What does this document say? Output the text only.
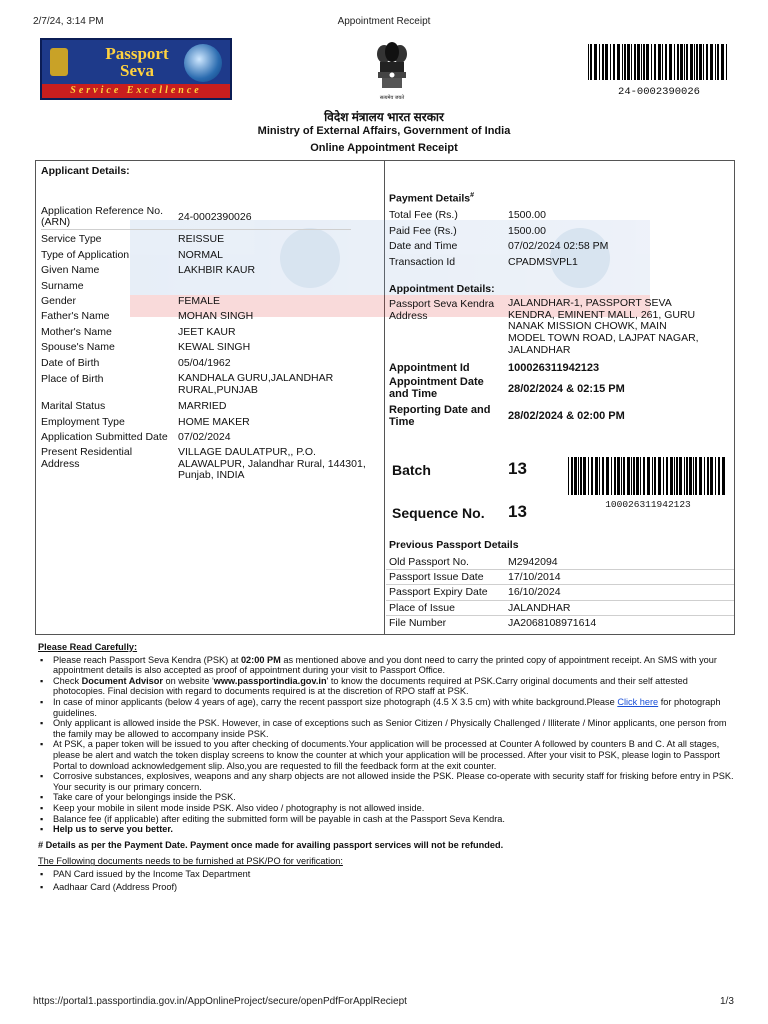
2/7/24, 3:14 PM	Appointment Receipt
Passport
Seva
Service Excellence
सत्यमेव जयते	24-0002390026
विदेश मंत्रालय भारत सरकार
Ministry of External Affairs, Government of India
Online Appointment Receipt
Applicant Details:
Application Reference No. (ARN)	24-0002390026
Service Type	REISSUE
Type of Application	NORMAL
Given Name	LAKHBIR KAUR
Surname
Gender	FEMALE
Father's Name	MOHAN SINGH
Mother's Name	JEET KAUR
Spouse's Name	KEWAL SINGH
Date of Birth	05/04/1962
Place of Birth	KANDHALA GURU,JALANDHAR RURAL,PUNJAB
Marital Status	MARRIED
Employment Type	HOME MAKER
Application Submitted Date 07/02/2024
Present Residential Address
VILLAGE DAULATPUR,, P.O. ALAWALPUR, Jalandhar Rural, 144301, Punjab, INDIA
Payment Details#
Total Fee (Rs.)	1500.00
Paid Fee (Rs.)	1500.00
Date and Time	07/02/2024 02:58 PM
Transaction Id	CPADMSVPL1
Appointment Details:
Passport Seva Kendra Address
JALANDHAR-1, PASSPORT SEVA KENDRA, EMINENT MALL, 261, GURU NANAK MISSION CHOWK, MAIN MODEL TOWN ROAD, LAJPAT NAGAR, JALANDHAR
Appointment Id	100026311942123
Appointment Date and Time	28/02/2024 & 02:15 PM
Reporting Date and Time	28/02/2024 & 02:00 PM
Batch	13
Sequence No. 13	100026311942123
Previous Passport Details
Old Passport No.	M2942094
Passport Issue Date 17/10/2014
Passport Expiry Date 16/10/2024
Place of Issue	JALANDHAR
File Number	JA2068108971614
Please Read Carefully:
▪ Please reach Passport Seva Kendra (PSK) at 02:00 PM as mentioned above and you dont need to carry the printed copy of appointment receipt. An SMS with your appointment details is also accepted as proof of appointment during your visit to Passport Office.
▪ Check Document Advisor on website 'www.passportindia.gov.in' to know the documents required at PSK.Carry original documents and their self attested photocopies. Final decision with regard to documents required is at the discretion of RPO staff at PSK.
▪ In case of minor applicants (below 4 years of age), carry the recent passport size photograph (4.5 X 3.5 cm) with white background.Please Click here for photograph guidelines.
▪ Only applicant is allowed inside the PSK. However, in case of exceptions such as Senior Citizen / Physically Challenged / Illiterate / Minor applicants, one person from the family may be allowed to accompany inside PSK.
▪ At PSK, a paper token will be issued to you after checking of documents.Your application will be processed at Counter A followed by counters B and C. At all stages, please be alert and watch the token display screens to know the counter at which your application will be processed. After your visit to PSK, please login to Passport Portal to download acknowledgement slip. Also,you are requested to fill the feedback form at the exit counter.
▪ Corrosive substances, explosives, weapons and any sharp objects are not allowed inside the PSK. Please co-operate with security staff for frisking before entry in PSK. Your security is our primary concern.
▪ Take care of your belongings inside the PSK.
▪ Keep your mobile in silent mode inside PSK. Also video / photography is not allowed inside.
▪ Balance fee (if applicable) after editing the submitted form will be payable in cash at the Passport Seva Kendra.
▪ Help us to serve you better.
# Details as per the Payment Date. Payment once made for availing passport services will not be refunded.
The Following documents needs to be furnished at PSK/PO for verification:
▪ PAN Card issued by the Income Tax Department
▪ Aadhaar Card (Address Proof)
https://portal1.passportindia.gov.in/AppOnlineProject/secure/openPdfForApplReciept	1/3
